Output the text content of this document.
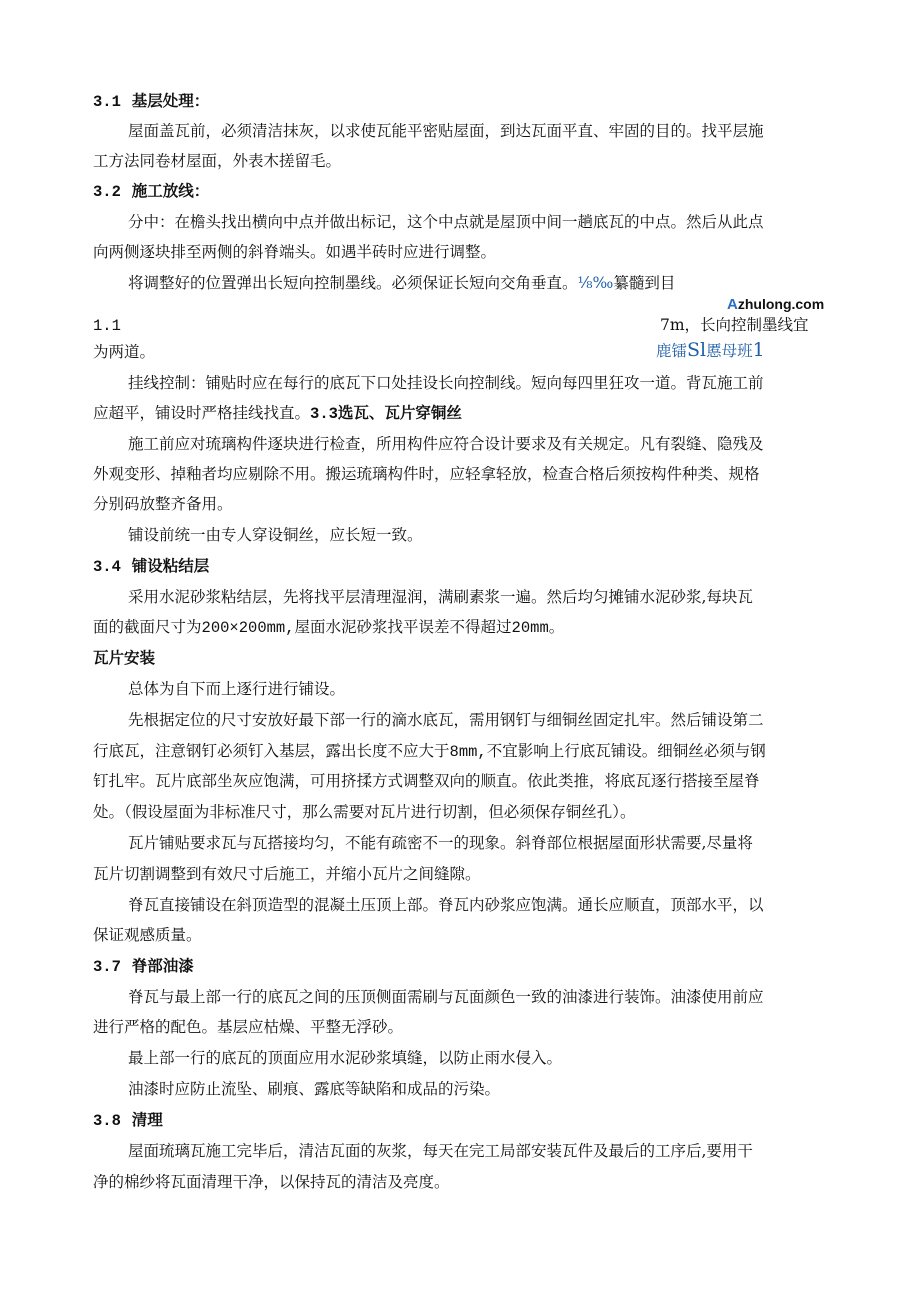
3.1 基层处理：
屋面盖瓦前，必须清洁抹灰，以求使瓦能平密贴屋面，到达瓦面平直、牢固的目的。找平层施
工方法同卷材屋面，外表木搓留毛。
3.2 施工放线：
分中：在檐头找出横向中点并做出标记，这个中点就是屋顶中间一趟底瓦的中点。然后从此点
向两侧逐块排至两侧的斜脊端头。如遇半砖时应进行调整。
将调整好的位置弹出长短向控制墨线。必须保证长短向交角垂直。⅛‰纂髓到目
Azhulong.com
1.1	7m，长向控制墨线宜
为两道。	鹿镭Sl慝母班1
挂线控制：铺贴时应在每行的底瓦下口处挂设长向控制线。短向每四里狂攻一道。背瓦施工前
应超平，铺设时严格挂线找直。3.3选瓦、瓦片穿铜丝
施工前应对琉璃构件逐块进行检查，所用构件应符合设计要求及有关规定。凡有裂缝、隐残及
外观变形、掉釉者均应剔除不用。搬运琉璃构件时，应轻拿轻放，检查合格后须按构件种类、规格
分别码放整齐备用。
铺设前统一由专人穿设铜丝，应长短一致。
3.4 铺设粘结层
采用水泥砂浆粘结层，先将找平层清理湿润，满刷素浆一遍。然后均匀摊铺水泥砂浆,每块瓦
面的截面尺寸为200×200mm,屋面水泥砂浆找平误差不得超过20mm。
瓦片安装
总体为自下而上逐行进行铺设。
先根据定位的尺寸安放好最下部一行的滴水底瓦，需用钢钉与细铜丝固定扎牢。然后铺设第二
行底瓦，注意钢钉必须钉入基层，露出长度不应大于8mm,不宜影响上行底瓦铺设。细铜丝必须与钢
钉扎牢。瓦片底部坐灰应饱满，可用挤揉方式调整双向的顺直。依此类推，将底瓦逐行搭接至屋脊
处。（假设屋面为非标准尺寸，那么需要对瓦片进行切割，但必须保存铜丝孔）。
瓦片铺贴要求瓦与瓦搭接均匀，不能有疏密不一的现象。斜脊部位根据屋面形状需要,尽量将
瓦片切割调整到有效尺寸后施工，并缩小瓦片之间缝隙。
脊瓦直接铺设在斜顶造型的混凝土压顶上部。脊瓦内砂浆应饱满。通长应顺直，顶部水平，以
保证观感质量。
3.7 脊部油漆
脊瓦与最上部一行的底瓦之间的压顶侧面需刷与瓦面颜色一致的油漆进行装饰。油漆使用前应
进行严格的配色。基层应枯燥、平整无浮砂。
最上部一行的底瓦的顶面应用水泥砂浆填缝，以防止雨水侵入。
油漆时应防止流坠、刷痕、露底等缺陷和成品的污染。
3.8 清理
屋面琉璃瓦施工完毕后，清洁瓦面的灰浆，每天在完工局部安装瓦件及最后的工序后,要用干
净的棉纱将瓦面清理干净，以保持瓦的清洁及亮度。
